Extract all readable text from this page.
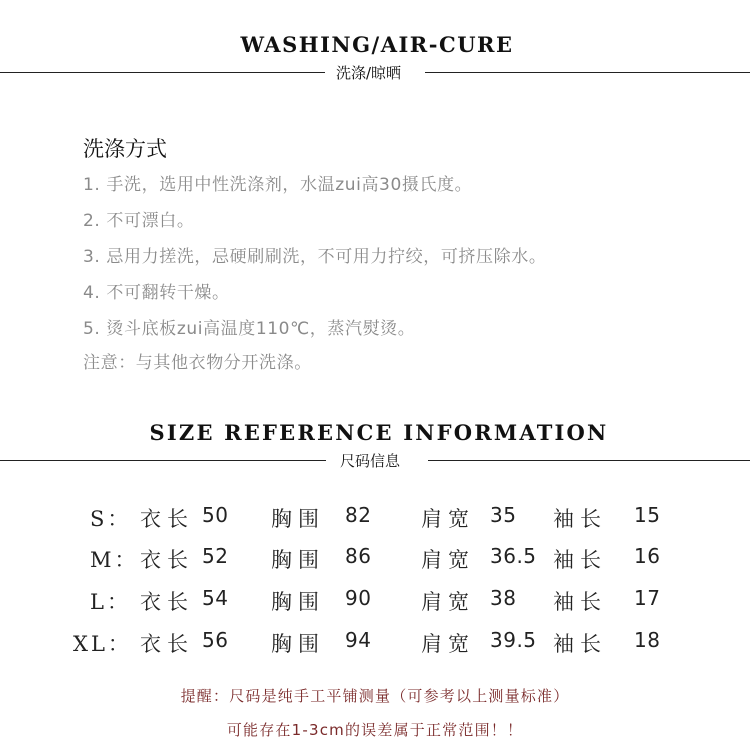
WASHING/AIR-CURE
洗涤/晾晒
洗涤方式
1. 手洗，选用中性洗涤剂，水温zui高30摄氏度。
2. 不可漂白。
3. 忌用力搓洗，忌硬刷刷洗，不可用力拧绞，可挤压除水。
4. 不可翻转干燥。
5. 烫斗底板zui高温度110℃，蒸汽熨烫。
注意：与其他衣物分开洗涤。
SIZE REFERENCE INFORMATION
尺码信息
S： 衣长 50 胸围 82 肩宽 35 袖长 15
M： 衣长 52 胸围 86 肩宽 36.5 袖长 16
L： 衣长 54 胸围 90 肩宽 38 袖长 17
XL： 衣长 56 胸围 94 肩宽 39.5 袖长 18
提醒：尺码是纯手工平铺测量（可参考以上测量标准）
可能存在1-3cm的误差属于正常范围！！
